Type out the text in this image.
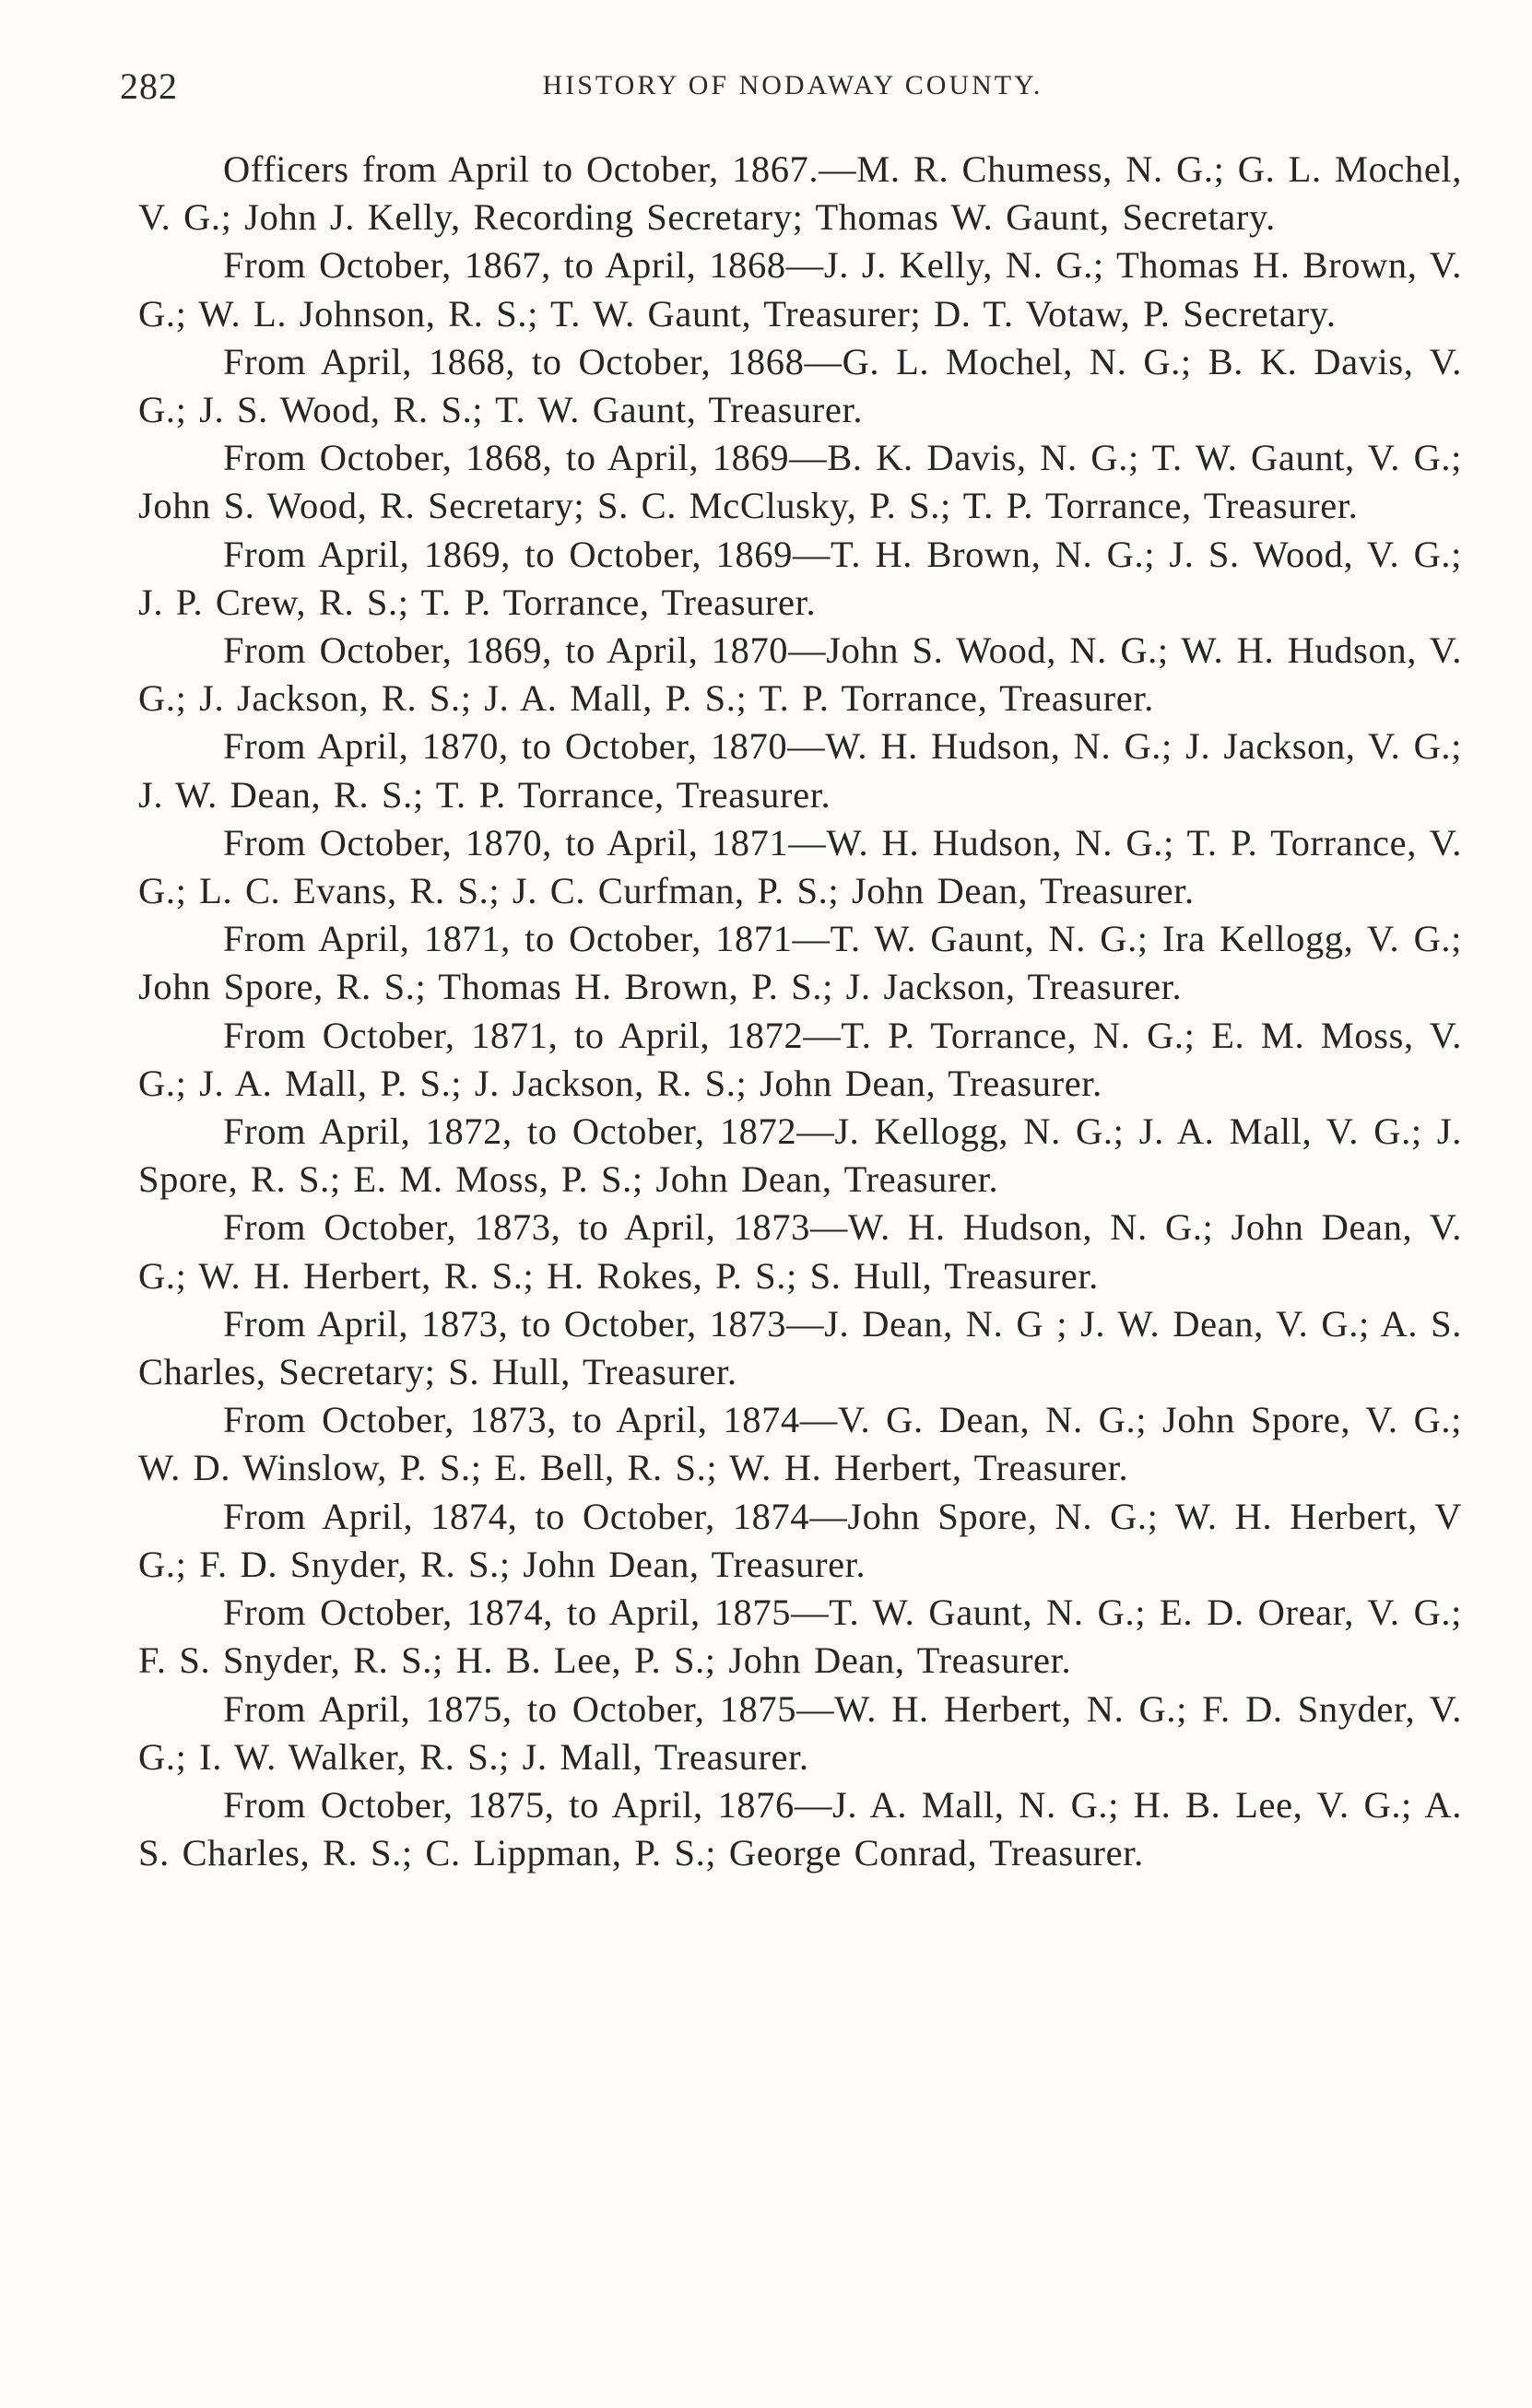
282	HISTORY OF NODAWAY COUNTY.

Officers from April to October, 1867.—M. R. Chumess, N. G.; G. L. Mochel, V. G.; John J. Kelly, Recording Secretary; Thomas W. Gaunt, Secretary.

From October, 1867, to April, 1868—J. J. Kelly, N. G.; Thomas H. Brown, V. G.; W. L. Johnson, R. S.; T. W. Gaunt, Treasurer; D. T. Votaw, P. Secretary.

From April, 1868, to October, 1868—G. L. Mochel, N. G.; B. K. Davis, V. G.; J. S. Wood, R. S.; T. W. Gaunt, Treasurer.

From October, 1868, to April, 1869—B. K. Davis, N. G.; T. W. Gaunt, V. G.; John S. Wood, R. Secretary; S. C. McClusky, P. S.; T. P. Torrance, Treasurer.

From April, 1869, to October, 1869—T. H. Brown, N. G.; J. S. Wood, V. G.; J. P. Crew, R. S.; T. P. Torrance, Treasurer.

From October, 1869, to April, 1870—John S. Wood, N. G.; W. H. Hudson, V. G.; J. Jackson, R. S.; J. A. Mall, P. S.; T. P. Torrance, Treasurer.

From April, 1870, to October, 1870—W. H. Hudson, N. G.; J. Jackson, V. G.; J. W. Dean, R. S.; T. P. Torrance, Treasurer.

From October, 1870, to April, 1871—W. H. Hudson, N. G.; T. P. Torrance, V. G.; L. C. Evans, R. S.; J. C. Curfman, P. S.; John Dean, Treasurer.

From April, 1871, to October, 1871—T. W. Gaunt, N. G.; Ira Kellogg, V. G.; John Spore, R. S.; Thomas H. Brown, P. S.; J. Jackson, Treasurer.

From October, 1871, to April, 1872—T. P. Torrance, N. G.; E. M. Moss, V. G.; J. A. Mall, P. S.; J. Jackson, R. S.; John Dean, Treasurer.

From April, 1872, to October, 1872—J. Kellogg, N. G.; J. A. Mall, V. G.; J. Spore, R. S.; E. M. Moss, P. S.; John Dean, Treasurer.

From October, 1873, to April, 1873—W. H. Hudson, N. G.; John Dean, V. G.; W. H. Herbert, R. S.; H. Rokes, P. S.; S. Hull, Treasurer.

From April, 1873, to October, 1873—J. Dean, N. G ; J. W. Dean, V. G.; A. S. Charles, Secretary; S. Hull, Treasurer.

From October, 1873, to April, 1874—V. G. Dean, N. G.; John Spore, V. G.; W. D. Winslow, P. S.; E. Bell, R. S.; W. H. Herbert, Treasurer.

From April, 1874, to October, 1874—John Spore, N. G.; W. H. Herbert, V G.; F. D. Snyder, R. S.; John Dean, Treasurer.

From October, 1874, to April, 1875—T. W. Gaunt, N. G.; E. D. Orear, V. G.; F. S. Snyder, R. S.; H. B. Lee, P. S.; John Dean, Treasurer.

From April, 1875, to October, 1875—W. H. Herbert, N. G.; F. D. Snyder, V. G.; I. W. Walker, R. S.; J. Mall, Treasurer.

From October, 1875, to April, 1876—J. A. Mall, N. G.; H. B. Lee, V. G.; A. S. Charles, R. S.; C. Lippman, P. S.; George Conrad, Treasurer.
